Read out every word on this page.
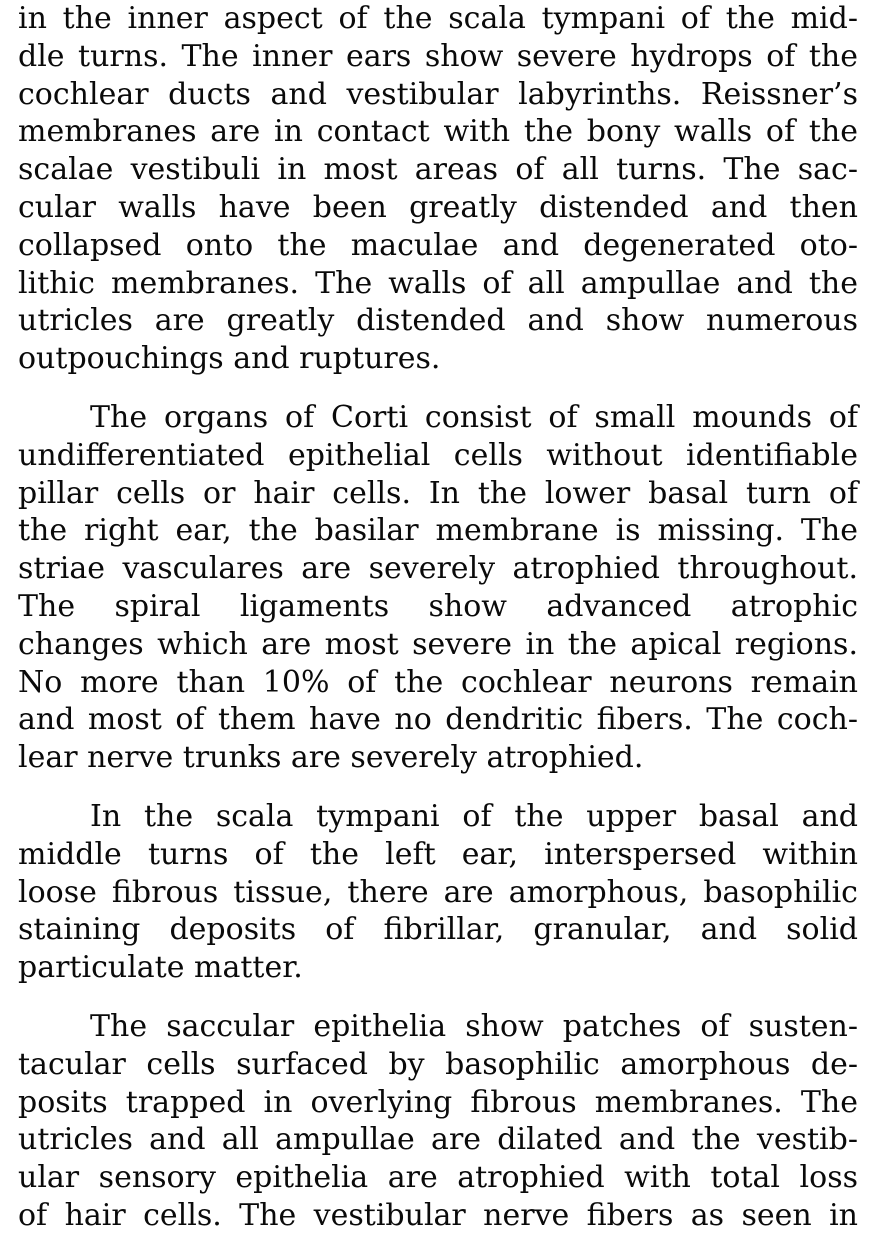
in the inner aspect of the scala tympani of the mid-
dle turns. The inner ears show severe hydrops of the
cochlear ducts and vestibular labyrinths. Reissner’s
membranes are in contact with the bony walls of the
scalae vestibuli in most areas of all turns. The sac-
cular walls have been greatly distended and then
collapsed onto the maculae and degenerated oto-
lithic membranes. The walls of all ampullae and the
utricles are greatly distended and show numerous
outpouchings and ruptures.
The organs of Corti consist of small mounds of
undifferentiated epithelial cells without identifiable
pillar cells or hair cells. In the lower basal turn of
the right ear, the basilar membrane is missing. The
striae vasculares are severely atrophied throughout.
The spiral ligaments show advanced atrophic
changes which are most severe in the apical regions.
No more than 10% of the cochlear neurons remain
and most of them have no dendritic fibers. The coch-
lear nerve trunks are severely atrophied.
In the scala tympani of the upper basal and
middle turns of the left ear, interspersed within
loose fibrous tissue, there are amorphous, basophilic
staining deposits of fibrillar, granular, and solid
particulate matter.
The saccular epithelia show patches of susten-
tacular cells surfaced by basophilic amorphous de-
posits trapped in overlying fibrous membranes. The
utricles and all ampullae are dilated and the vestib-
ular sensory epithelia are atrophied with total loss
of hair cells. The vestibular nerve fibers as seen in
